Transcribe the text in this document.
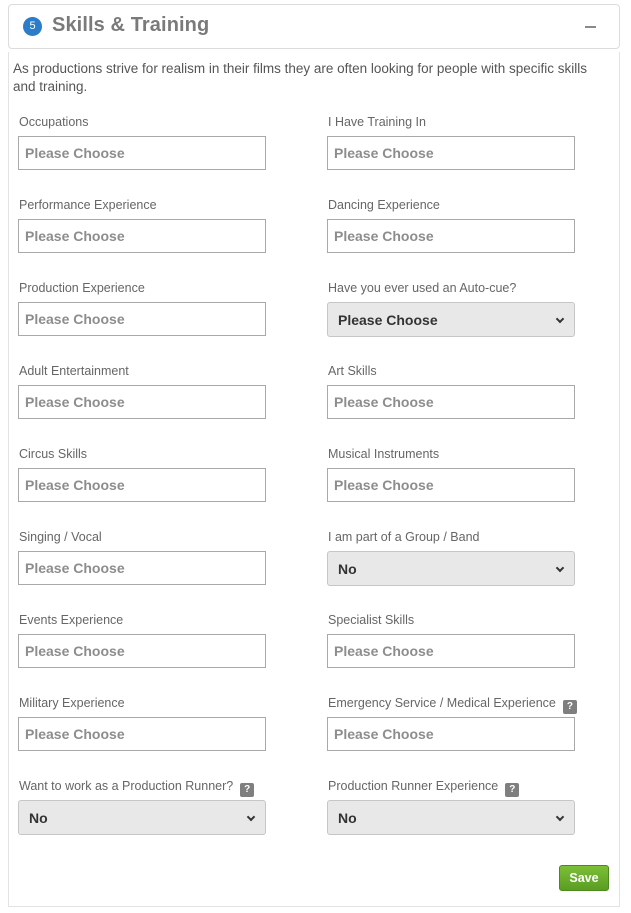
5 Skills & Training
As productions strive for realism in their films they are often looking for people with specific skills and training.
Occupations
Please Choose
I Have Training In
Please Choose
Performance Experience
Please Choose
Dancing Experience
Please Choose
Production Experience
Please Choose
Have you ever used an Auto-cue?
Please Choose
Adult Entertainment
Please Choose
Art Skills
Please Choose
Circus Skills
Please Choose
Musical Instruments
Please Choose
Singing / Vocal
Please Choose
I am part of a Group / Band
No
Events Experience
Please Choose
Specialist Skills
Please Choose
Military Experience
Please Choose
Emergency Service / Medical Experience ?
Please Choose
Want to work as a Production Runner? ?
No
Production Runner Experience ?
No
Save
